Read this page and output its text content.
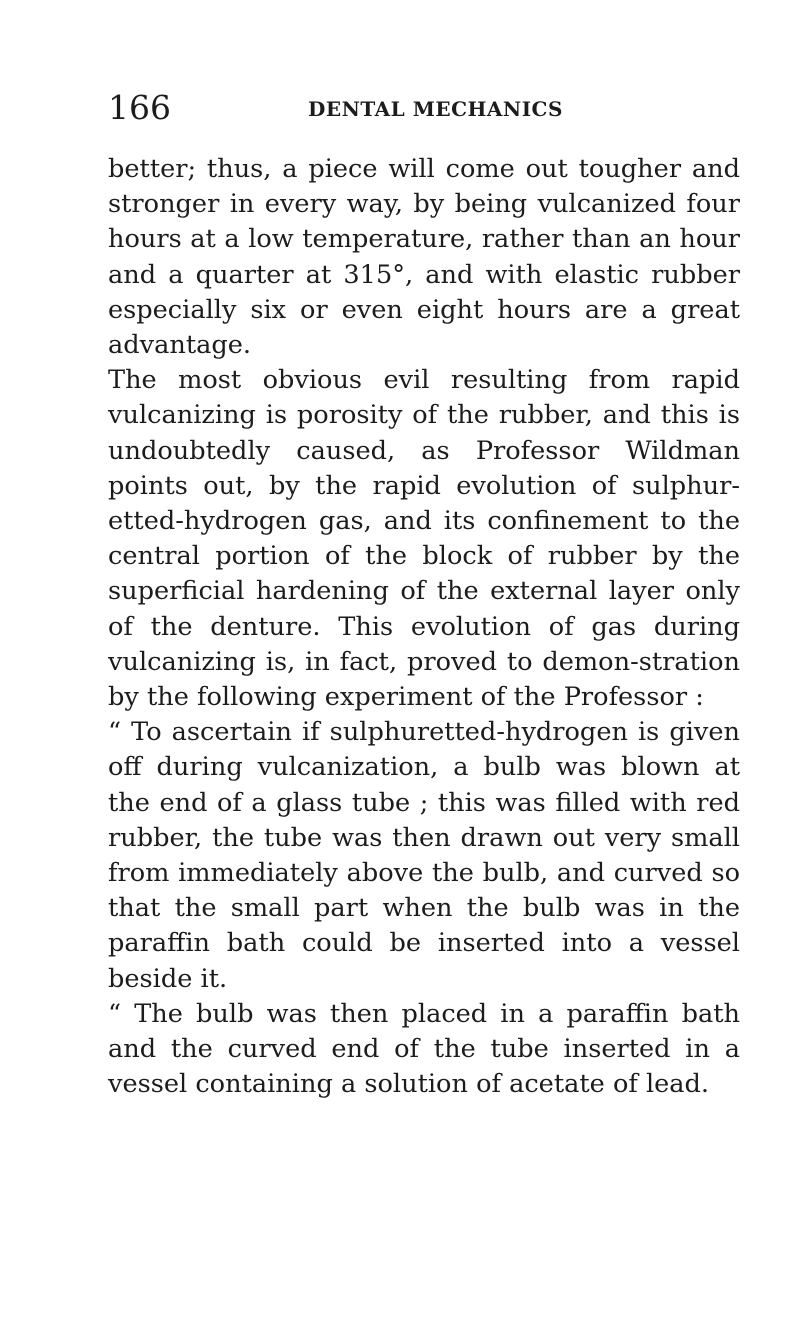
166	DENTAL MECHANICS

better; thus, a piece will come out tougher and stronger in every way, by being vulcanized four hours at a low temperature, rather than an hour and a quarter at 315°, and with elastic rubber especially six or even eight hours are a great advantage.

The most obvious evil resulting from rapid vulcanizing is porosity of the rubber, and this is undoubtedly caused, as Professor Wildman points out, by the rapid evolution of sulphur-etted-hydrogen gas, and its confinement to the central portion of the block of rubber by the superficial hardening of the external layer only of the denture. This evolution of gas during vulcanizing is, in fact, proved to demon-stration by the following experiment of the Professor :

“ To ascertain if sulphuretted-hydrogen is given off during vulcanization, a bulb was blown at the end of a glass tube ; this was filled with red rubber, the tube was then drawn out very small from immediately above the bulb, and curved so that the small part when the bulb was in the paraffin bath could be inserted into a vessel beside it.

“ The bulb was then placed in a paraffin bath and the curved end of the tube inserted in a vessel containing a solution of acetate of lead.
